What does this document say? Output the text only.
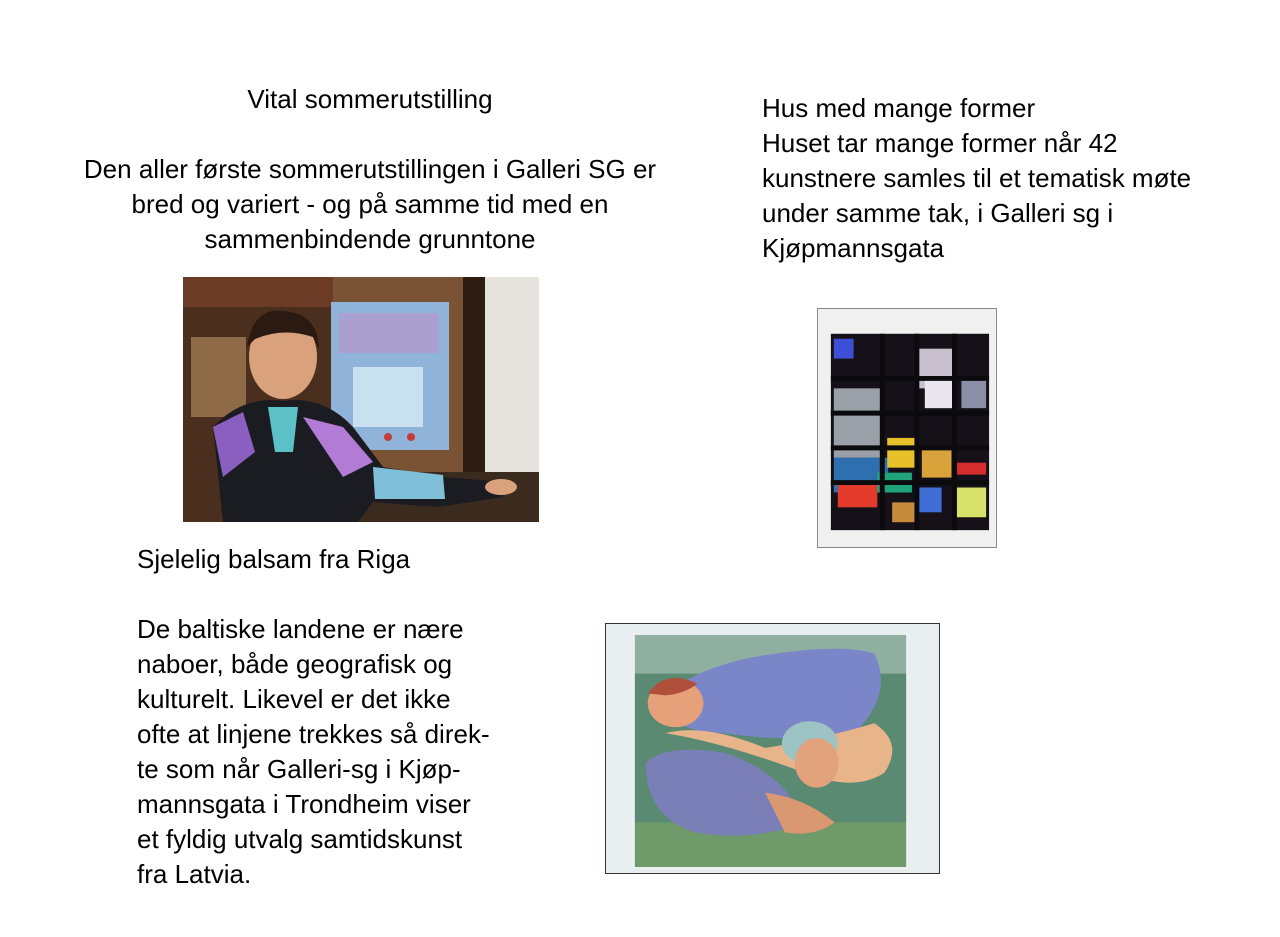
Vital sommerutstilling

Den aller første sommerutstillingen i Galleri SG er bred og variert - og på samme tid med en sammenbindende grunntone

Hus med mange former

Huset tar mange former når 42 kunstnere samles til et tematisk møte under samme tak, i Galleri sg i Kjøpmannsgata

Sjelelig balsam fra Riga

De baltiske landene er nære

naboer, både geografisk og

kulturelt. Likevel er det ikke

ofte at linjene trekkes så direk-

te som når Galleri-sg i Kjøp-

mannsgata i Trondheim viser

et fyldig utvalg samtidskunst

fra Latvia.
